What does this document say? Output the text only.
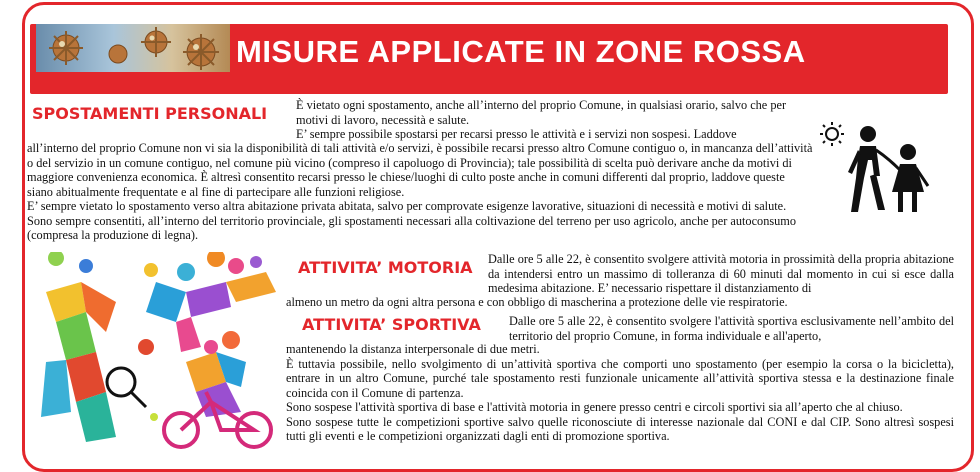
MISURE APPLICATE IN ZONE ROSSA
SPOSTAMENTI PERSONALI È vietato ogni spostamento, anche all’interno del proprio Comune, in qualsiasi orario, salvo che per motivi di lavoro, necessità e salute.

E’ sempre possibile spostarsi per recarsi presso le attività e i servizi non sospesi. Laddove

all’interno del proprio Comune non vi sia la disponibilità di tali attività e/o servizi, è possibile recarsi presso altro Comune contiguo o, in mancanza dell’attività o del servizio in un comune contiguo, nel comune più vicino (compreso il capoluogo di Provincia); tale possibilità di scelta può derivare anche da motivi di maggiore convenienza economica. È altresì consentito recarsi presso le chiese/luoghi di culto poste anche in comuni differenti dal proprio, laddove queste siano abitualmente frequentate e al fine di partecipare alle funzioni religiose.

E’ sempre vietato lo spostamento verso altra abitazione privata abitata, salvo per comprovate esigenze lavorative, situazioni di necessità e motivi di salute.

Sono sempre consentiti, all’interno del territorio provinciale, gli spostamenti necessari alla coltivazione del terreno per uso agricolo, anche per autoconsumo (compresa la produzione di legna).

ATTIVITA’ MOTORIA Dalle ore 5 alle 22, è consentito svolgere attività motoria in prossimità della propria abitazione da intendersi entro un massimo di tolleranza di 60 minuti dal momento in cui si esce dalla medesima abitazione. E’ necessario rispettare il distanziamento di

almeno un metro da ogni altra persona e con obbligo di mascherina a protezione delle vie respiratorie.

ATTIVITA’ SPORTIVA Dalle ore 5 alle 22, è consentito svolgere l'attività sportiva esclusivamente nell’ambito del territorio del proprio Comune, in forma individuale e all'aperto,

mantenendo la distanza interpersonale di due metri.

È tuttavia possibile, nello svolgimento di un’attività sportiva che comporti uno spostamento (per esempio la corsa o la bicicletta), entrare in un altro Comune, purché tale spostamento resti funzionale unicamente all’attività sportiva stessa e la destinazione finale coincida con il Comune di partenza.

Sono sospese l'attività sportiva di base e l'attività motoria in genere presso centri e circoli sportivi sia all’aperto che al chiuso.

Sono sospese tutte le competizioni sportive salvo quelle riconosciute di interesse nazionale dal CONI e dal CIP. Sono altresì sospesi tutti gli eventi e le competizioni organizzati dagli enti di promozione sportiva.
